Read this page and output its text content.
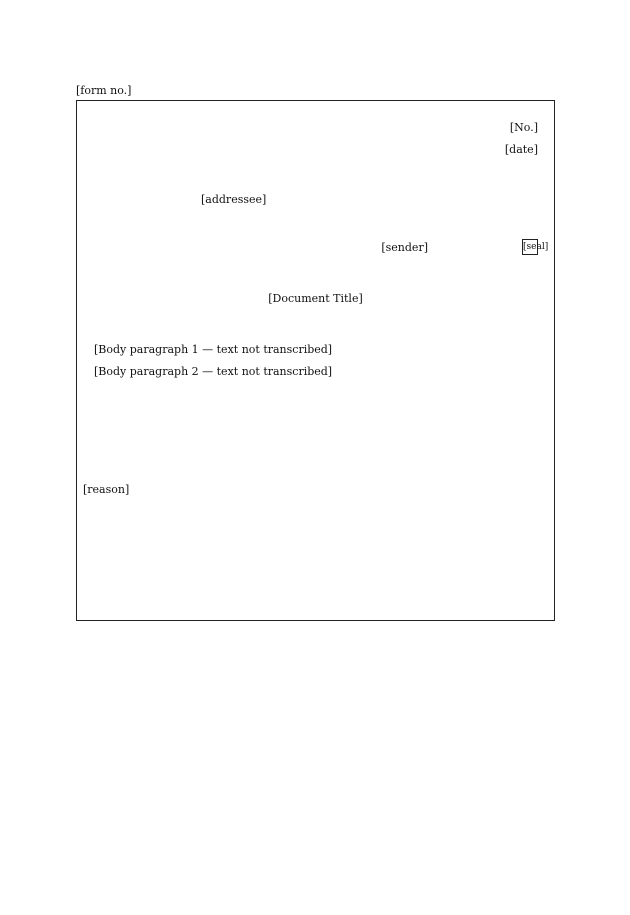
[form no.]
[No.]
[date]
[addressee]
[sender]	[seal]
[Document Title]

[Body paragraph 1 — text not transcribed]

[Body paragraph 2 — text not transcribed]

[reason]
